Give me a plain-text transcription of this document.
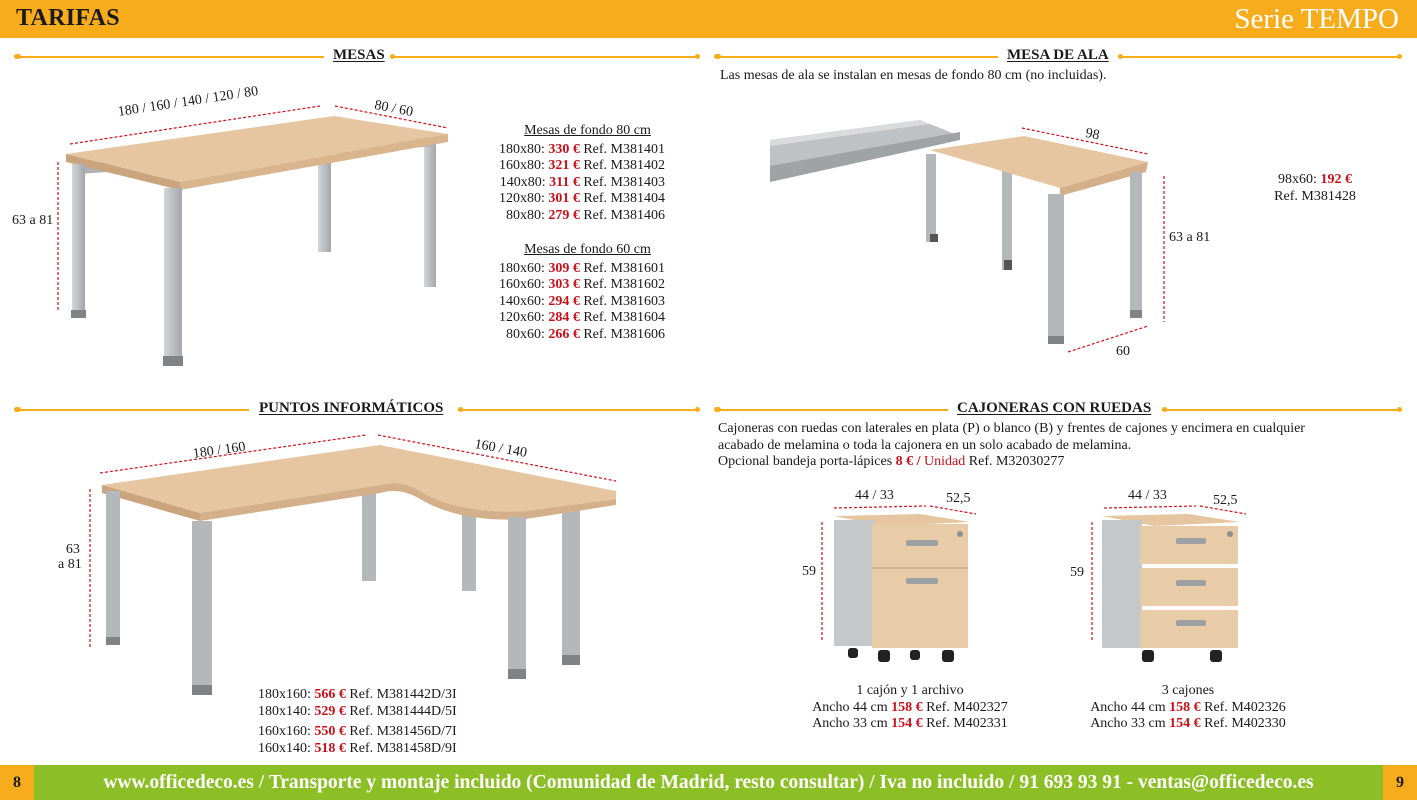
TARIFAS	Serie TEMPO
MESAS	MESA DE ALA
PUNTOS INFORMÁTICOS	CAJONERAS CON RUEDAS
180 / 160 / 140 / 120 / 80	80 / 60
63 a 81
Mesas de fondo 80 cm
180x80: 330 € Ref. M381401
160x80: 321 € Ref. M381402
140x80: 311 € Ref. M381403
120x80: 301 € Ref. M381404
80x80: 279 € Ref. M381406
Mesas de fondo 60 cm
180x60: 309 € Ref. M381601
160x60: 303 € Ref. M381602
140x60: 294 € Ref. M381603
120x60: 284 € Ref. M381604
80x60: 266 € Ref. M381606
Las mesas de ala se instalan en mesas de fondo 80 cm (no incluidas).
98
63 a 81
60
98x60: 192 €
Ref. M381428
180 / 160	160 / 140
63
a 81
180x160: 566 € Ref. M381442D/3I
180x140: 529 € Ref. M381444D/5I
160x160: 550 € Ref. M381456D/7I
160x140: 518 € Ref. M381458D/9I
Cajoneras con ruedas con laterales en plata (P) o blanco (B) y frentes de cajones y encimera en cualquier
acabado de melamina o toda la cajonera en un solo acabado de melamina.
Opcional bandeja porta-lápices 8 € / Unidad Ref. M32030277
44 / 33	52,5
59
44 / 33	52,5
59
1 cajón y 1 archivo
Ancho 44 cm 158 € Ref. M402327
Ancho 33 cm 154 € Ref. M402331
3 cajones
Ancho 44 cm 158 € Ref. M402326
Ancho 33 cm 154 € Ref. M402330
8	www.officedeco.es / Transporte y montaje incluido (Comunidad de Madrid, resto consultar) / Iva no incluido / 91 693 93 91 - ventas@officedeco.es	9
